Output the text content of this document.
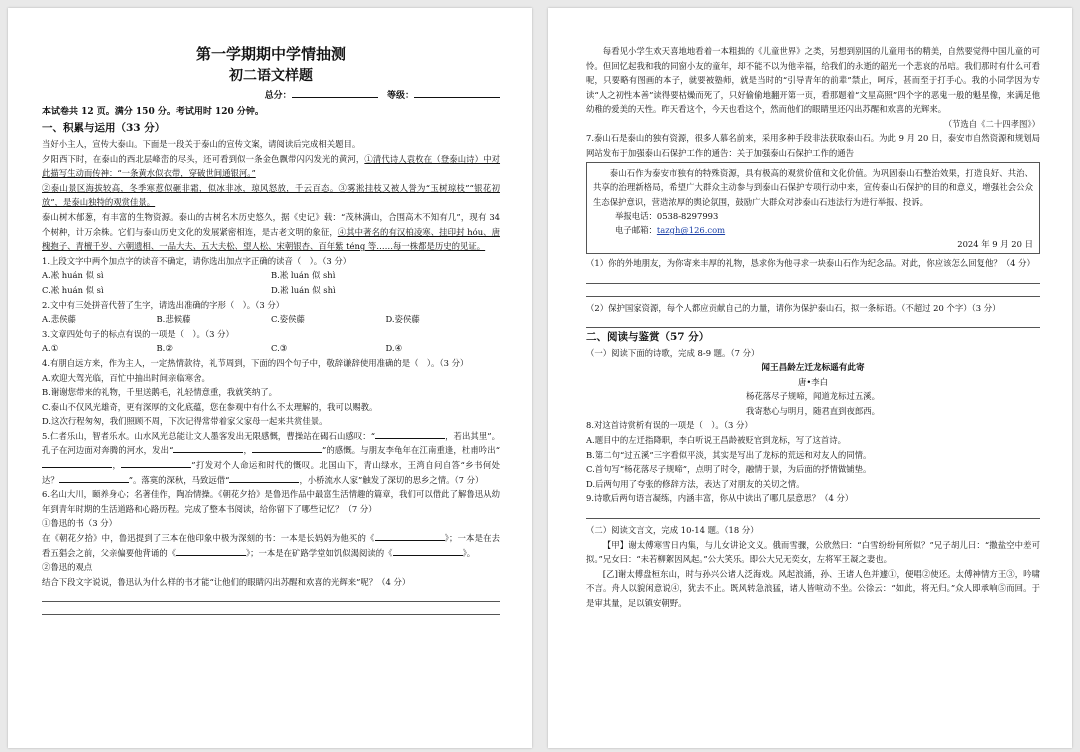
第一学期期中学情抽测
初二语文样题
总分：	等级：
本试卷共 12 页。满分 150 分。考试用时 120 分钟。
一、积累与运用（33 分）

当好小主人，宣传大泰山。下面是一段关于泰山的宣传文案，请阅读后完成相关题目。

夕阳西下时，在泰山的西北层峰峦的尽头，还可看到似一条金色飘带闪闪发光的黄河，①清代诗人袁枚在（登泰山诗）中对此描写生动而传神：“一条黄水似衣带，穿破世间通银河。”

②泰山景区海拔较高，冬季寒惹似砸非霜，似冰非冰，琼风怒放，千云百态。③雾淞挂枝又被人誉为“玉树琼枝”“银花初放”，是泰山独特的观赏佳景。

泰山树木郁葱，有丰富的生物资源。泰山的古树名木历史悠久，据《史记》载：“茂林满山，合围高木不知有几”，现有 34 个树种，计万余株。它们与泰山历史文化的发展紧密相连，是古老文明的象征，④其中著名的有汉柏凌寒、挂印封 hóu、唐槐抱子、青檀千岁、六朝遗相、一品大夫、五大夫松、望人松、宋朝银杏、百年紫 téng 等……每一株都是历史的见证。

1.上段文字中两个加点字的读音不确定，请你选出加点字正确的读音（　）。（3 分）

A.凇 huán 似 sì	B.凇 luán 似 shì
C.凇 huán 似 sì	D.凇 luán 似 shì

2.文中有三处拼音代替了生字，请选出准确的字形（　）。（3 分）

A.悲侯藤	B.悲候藤	C.姿侯藤	D.姿侯藤

3.文章四处句子的标点有误的一项是（　）。（3 分）

A.①	B.②	C.③	D.④

4.有朋自远方来，作为主人，一定热情款待，礼节周到，下面的四个句子中，敬辞谦辞使用准确的是（　）。（3 分）

A.欢迎大驾光临，百忙中抽出时间亲临寒舍。

B.谢谢您带来的礼物，千里送鹅毛，礼轻情意重，我就笑纳了。

C.泰山不仅风光雄奇，更有深厚的文化底蕴，您在参观中有什么不太理解的，我可以赐教。

D.这次行程匆匆，我们照顾不周，下次记得常带着家父家母一起来共赏佳景。

5.仁者乐山，智者乐水。山水风光总能让文人墨客发出无限感慨，曹操站在碣石山感叹：“	，若出其里”。孔子在河边面对奔腾的河水，发出“	，	”的感慨。与朋友李龟年在江南重逢，杜甫吟出“，	”打发对个人命运和时代的慨叹。北国山下，青山绿水，王湾自问自答“乡书何处达？	”。落寞的深秋，马致远借“	，小桥流水人家”触发了深切的思乡之情。（7 分）

6.名山大川，颐养身心；名著佳作，陶冶情操。《朝花夕拾》是鲁迅作品中最富生活情趣的篇章，我们可以借此了解鲁迅从幼年到青年时期的生活道路和心路历程。完成了整本书阅读，给你留下了哪些记忆？（7 分）

①鲁迅的书（3 分）

在《朝花夕拾》中，鲁迅提到了三本在他印象中极为深刻的书：一本是长妈妈为他买的《	》；一本是在去看五猖会之前，父亲偏要他背诵的《	》；一本是在矿路学堂如饥似渴阅读的《	》。

②鲁迅的观点

结合下段文字说说，鲁迅认为什么样的书才能“让他们的眼睛闪出苏醒和欢喜的光辉来”呢？（4 分）

每看见小学生欢天喜地地看着一本粗拙的《儿童世界》之类，另想到别国的儿童用书的精美，自然要觉得中国儿童的可怜。但回忆起我和我的同窗小友的童年，却不能不以为他幸福，给我们的永逝的韶光一个悲哀的吊唁。我们那时有什么可看呢，只要略有图画的本子，就要被塾师，就是当时的“引导青年的前辈”禁止，呵斥，甚而至于打手心。我的小同学因为专读“人之初性本善”读得要枯燥而死了，只好偷偷地翻开第一页，看那题着“文星高照”四个字的恶鬼一般的魁星像，来满足他幼稚的爱美的天性。昨天看这个，今天也看这个，然而他们的眼睛里还闪出苏醒和欢喜的光辉来。

（节选自《二十四孝图》）

7.泰山石是泰山的独有资源，很多人慕名前来，采用多种手段非法获取泰山石。为此 9 月 20 日，泰安市自然资源和规划局网站发布于加强泰山石保护工作的通告：关于加强泰山石保护工作的通告

泰山石作为泰安市独有的特殊资源，具有极高的观赏价值和文化价值。为巩固泰山石整治效果，打造良好、共治、共享的治理新格局，希望广大群众主动参与到泰山石保护专项行动中来，宣传泰山石保护的目的和意义，增强社会公众生态保护意识，营造浓厚的舆论氛围，鼓励广大群众对涉泰山石违法行为进行举报、投诉。

举报电话：0538-8297993
电子邮箱：tazgh@126.com
2024 年 9 月 20 日

（1）你的外地朋友，为你寄来丰厚的礼物，恳求你为他寻求一块泰山石作为纪念品。对此，你应该怎么回复他？（4 分）

（2）保护国家资源，每个人都应贡献自己的力量，请你为保护泰山石，拟一条标语。（不超过 20 个字）（3 分）

二、阅读与鉴赏（57 分）

（一）阅读下面的诗歌，完成 8-9 题。（7 分）

闻王昌龄左迁龙标遥有此寄
唐•李白
杨花落尽子规啼，闻道龙标过五溪。
我寄愁心与明月，随君直到夜郎西。

8.对这首诗赏析有误的一项是（　）。（3 分）

A.题目中的左迁指降职，李白听说王昌龄被贬官到龙标，写了这首诗。

B.第二句“过五溪”三字看似平淡，其实是写出了龙标的荒远和对友人的同情。

C.首句写“杨花落尽子规啼”，点明了时令，融情于景，为后面的抒情做铺垫。

D.后两句用了夸张的修辞方法，表达了对朋友的关切之情。

9.诗歌后两句语言凝练，内涵丰富，你从中读出了哪几层意思？（4 分）

（二）阅读文言文，完成 10-14 题。（18 分）

【甲】谢太傅寒雪日内集，与儿女讲论文义。俄而雪骤，公欣然曰：“白雪纷纷何所似？”兄子胡儿曰：“撒盐空中差可拟。”兄女曰：“未若柳絮因风起。”公大笑乐。即公大兄无奕女，左将军王凝之妻也。

[乙]谢太傅盘桓东山，时与孙兴公诸人泛海戏。风起浪涌，孙、王诸人色并遽①，便唱②使还。太傅神情方王③，吟啸不言。舟人以貌闲意说④，犹去不止。既风转急浪猛，诸人皆喧动不坐。公徐云：“如此，将无归。”众人即承响⑤而回。于是审其量，足以镇安朝野。
